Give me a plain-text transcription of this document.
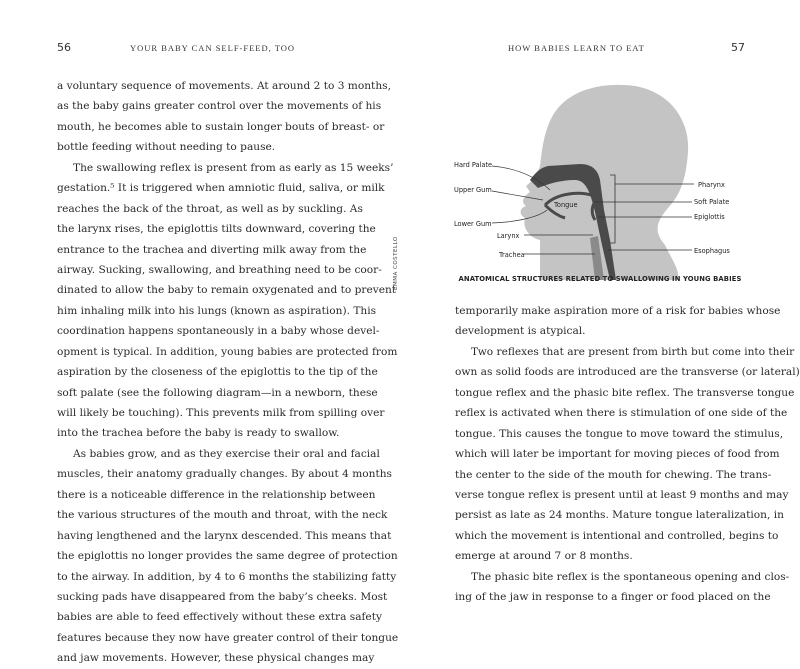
56	YOUR BABY CAN SELF-FEED, TOO
a voluntary sequence of movements. At around 2 to 3 months,
as the baby gains greater control over the movements of his
mouth, he becomes able to sustain longer bouts of breast- or
bottle feeding without needing to pause.
The swallowing reflex is present from as early as 15 weeks’
gestation.⁵ It is triggered when amniotic fluid, saliva, or milk
reaches the back of the throat, as well as by suckling. As
the larynx rises, the epiglottis tilts downward, covering the
entrance to the trachea and diverting milk away from the
airway. Sucking, swallowing, and breathing need to be coor-
dinated to allow the baby to remain oxygenated and to prevent
him inhaling milk into his lungs (known as aspiration). This
coordination happens spontaneously in a baby whose devel-
opment is typical. In addition, young babies are protected from
aspiration by the closeness of the epiglottis to the tip of the
soft palate (see the following diagram—in a newborn, these
will likely be touching). This prevents milk from spilling over
into the trachea before the baby is ready to swallow.
As babies grow, and as they exercise their oral and facial
muscles, their anatomy gradually changes. By about 4 months
there is a noticeable difference in the relationship between
the various structures of the mouth and throat, with the neck
having lengthened and the larynx descended. This means that
the epiglottis no longer provides the same degree of protection
to the airway. In addition, by 4 to 6 months the stabilizing fatty
sucking pads have disappeared from the baby’s cheeks. Most
babies are able to feed effectively without these extra safety
features because they now have greater control of their tongue
and jaw movements. However, these physical changes may
EMMA COSTELLO
HOW BABIES LEARN TO EAT	57
Hard Palate
Upper Gum
Lower Gum
Tongue
Larynx
Trachea
Pharynx
Soft Palate
Epiglottis
Esophagus
ANATOMICAL STRUCTURES RELATED TO SWALLOWING IN YOUNG BABIES
temporarily make aspiration more of a risk for babies whose
development is atypical.
Two reflexes that are present from birth but come into their
own as solid foods are introduced are the transverse (or lateral)
tongue reflex and the phasic bite reflex. The transverse tongue
reflex is activated when there is stimulation of one side of the
tongue. This causes the tongue to move toward the stimulus,
which will later be important for moving pieces of food from
the center to the side of the mouth for chewing. The trans-
verse tongue reflex is present until at least 9 months and may
persist as late as 24 months. Mature tongue lateralization, in
which the movement is intentional and controlled, begins to
emerge at around 7 or 8 months.
The phasic bite reflex is the spontaneous opening and clos-
ing of the jaw in response to a finger or food placed on the
